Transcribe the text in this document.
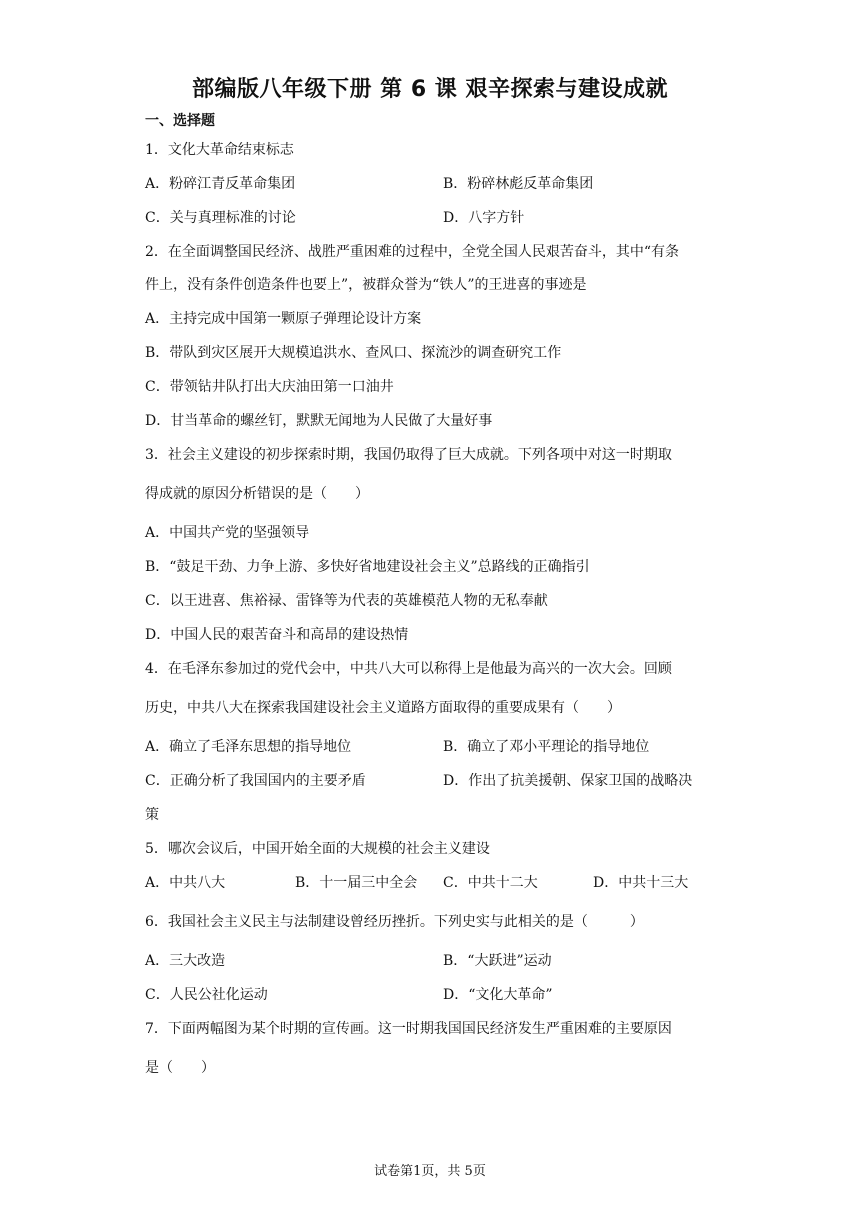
部编版八年级下册 第 6 课 艰辛探索与建设成就
一、选择题
1．文化大革命结束标志
A．粉碎江青反革命集团	B．粉碎林彪反革命集团
C．关与真理标准的讨论	D．八字方针
2．在全面调整国民经济、战胜严重困难的过程中，全党全国人民艰苦奋斗，其中“有条
件上，没有条件创造条件也要上”，被群众誉为“铁人”的王进喜的事迹是
A．主持完成中国第一颗原子弹理论设计方案
B．带队到灾区展开大规模追洪水、查风口、探流沙的调查研究工作
C．带领钻井队打出大庆油田第一口油井
D．甘当革命的螺丝钉，默默无闻地为人民做了大量好事
3．社会主义建设的初步探索时期，我国仍取得了巨大成就。下列各项中对这一时期取
得成就的原因分析错误的是（　　）
A．中国共产党的坚强领导
B．“鼓足干劲、力争上游、多快好省地建设社会主义”总路线的正确指引
C．以王进喜、焦裕禄、雷锋等为代表的英雄模范人物的无私奉献
D．中国人民的艰苦奋斗和高昂的建设热情
4．在毛泽东参加过的党代会中，中共八大可以称得上是他最为高兴的一次大会。回顾
历史，中共八大在探索我国建设社会主义道路方面取得的重要成果有（　　）
A．确立了毛泽东思想的指导地位	B．确立了邓小平理论的指导地位
C．正确分析了我国国内的主要矛盾	D．作出了抗美援朝、保家卫国的战略决
策
5．哪次会议后，中国开始全面的大规模的社会主义建设
A．中共八大	B．十一届三中全会 C．中共十二大	D．中共十三大
6．我国社会主义民主与法制建设曾经历挫折。下列史实与此相关的是（　　　）
A．三大改造	B．“大跃进”运动
C．人民公社化运动	D．“文化大革命”
7．下面两幅图为某个时期的宣传画。这一时期我国国民经济发生严重困难的主要原因
是（　　）
试卷第1页，共 5页
